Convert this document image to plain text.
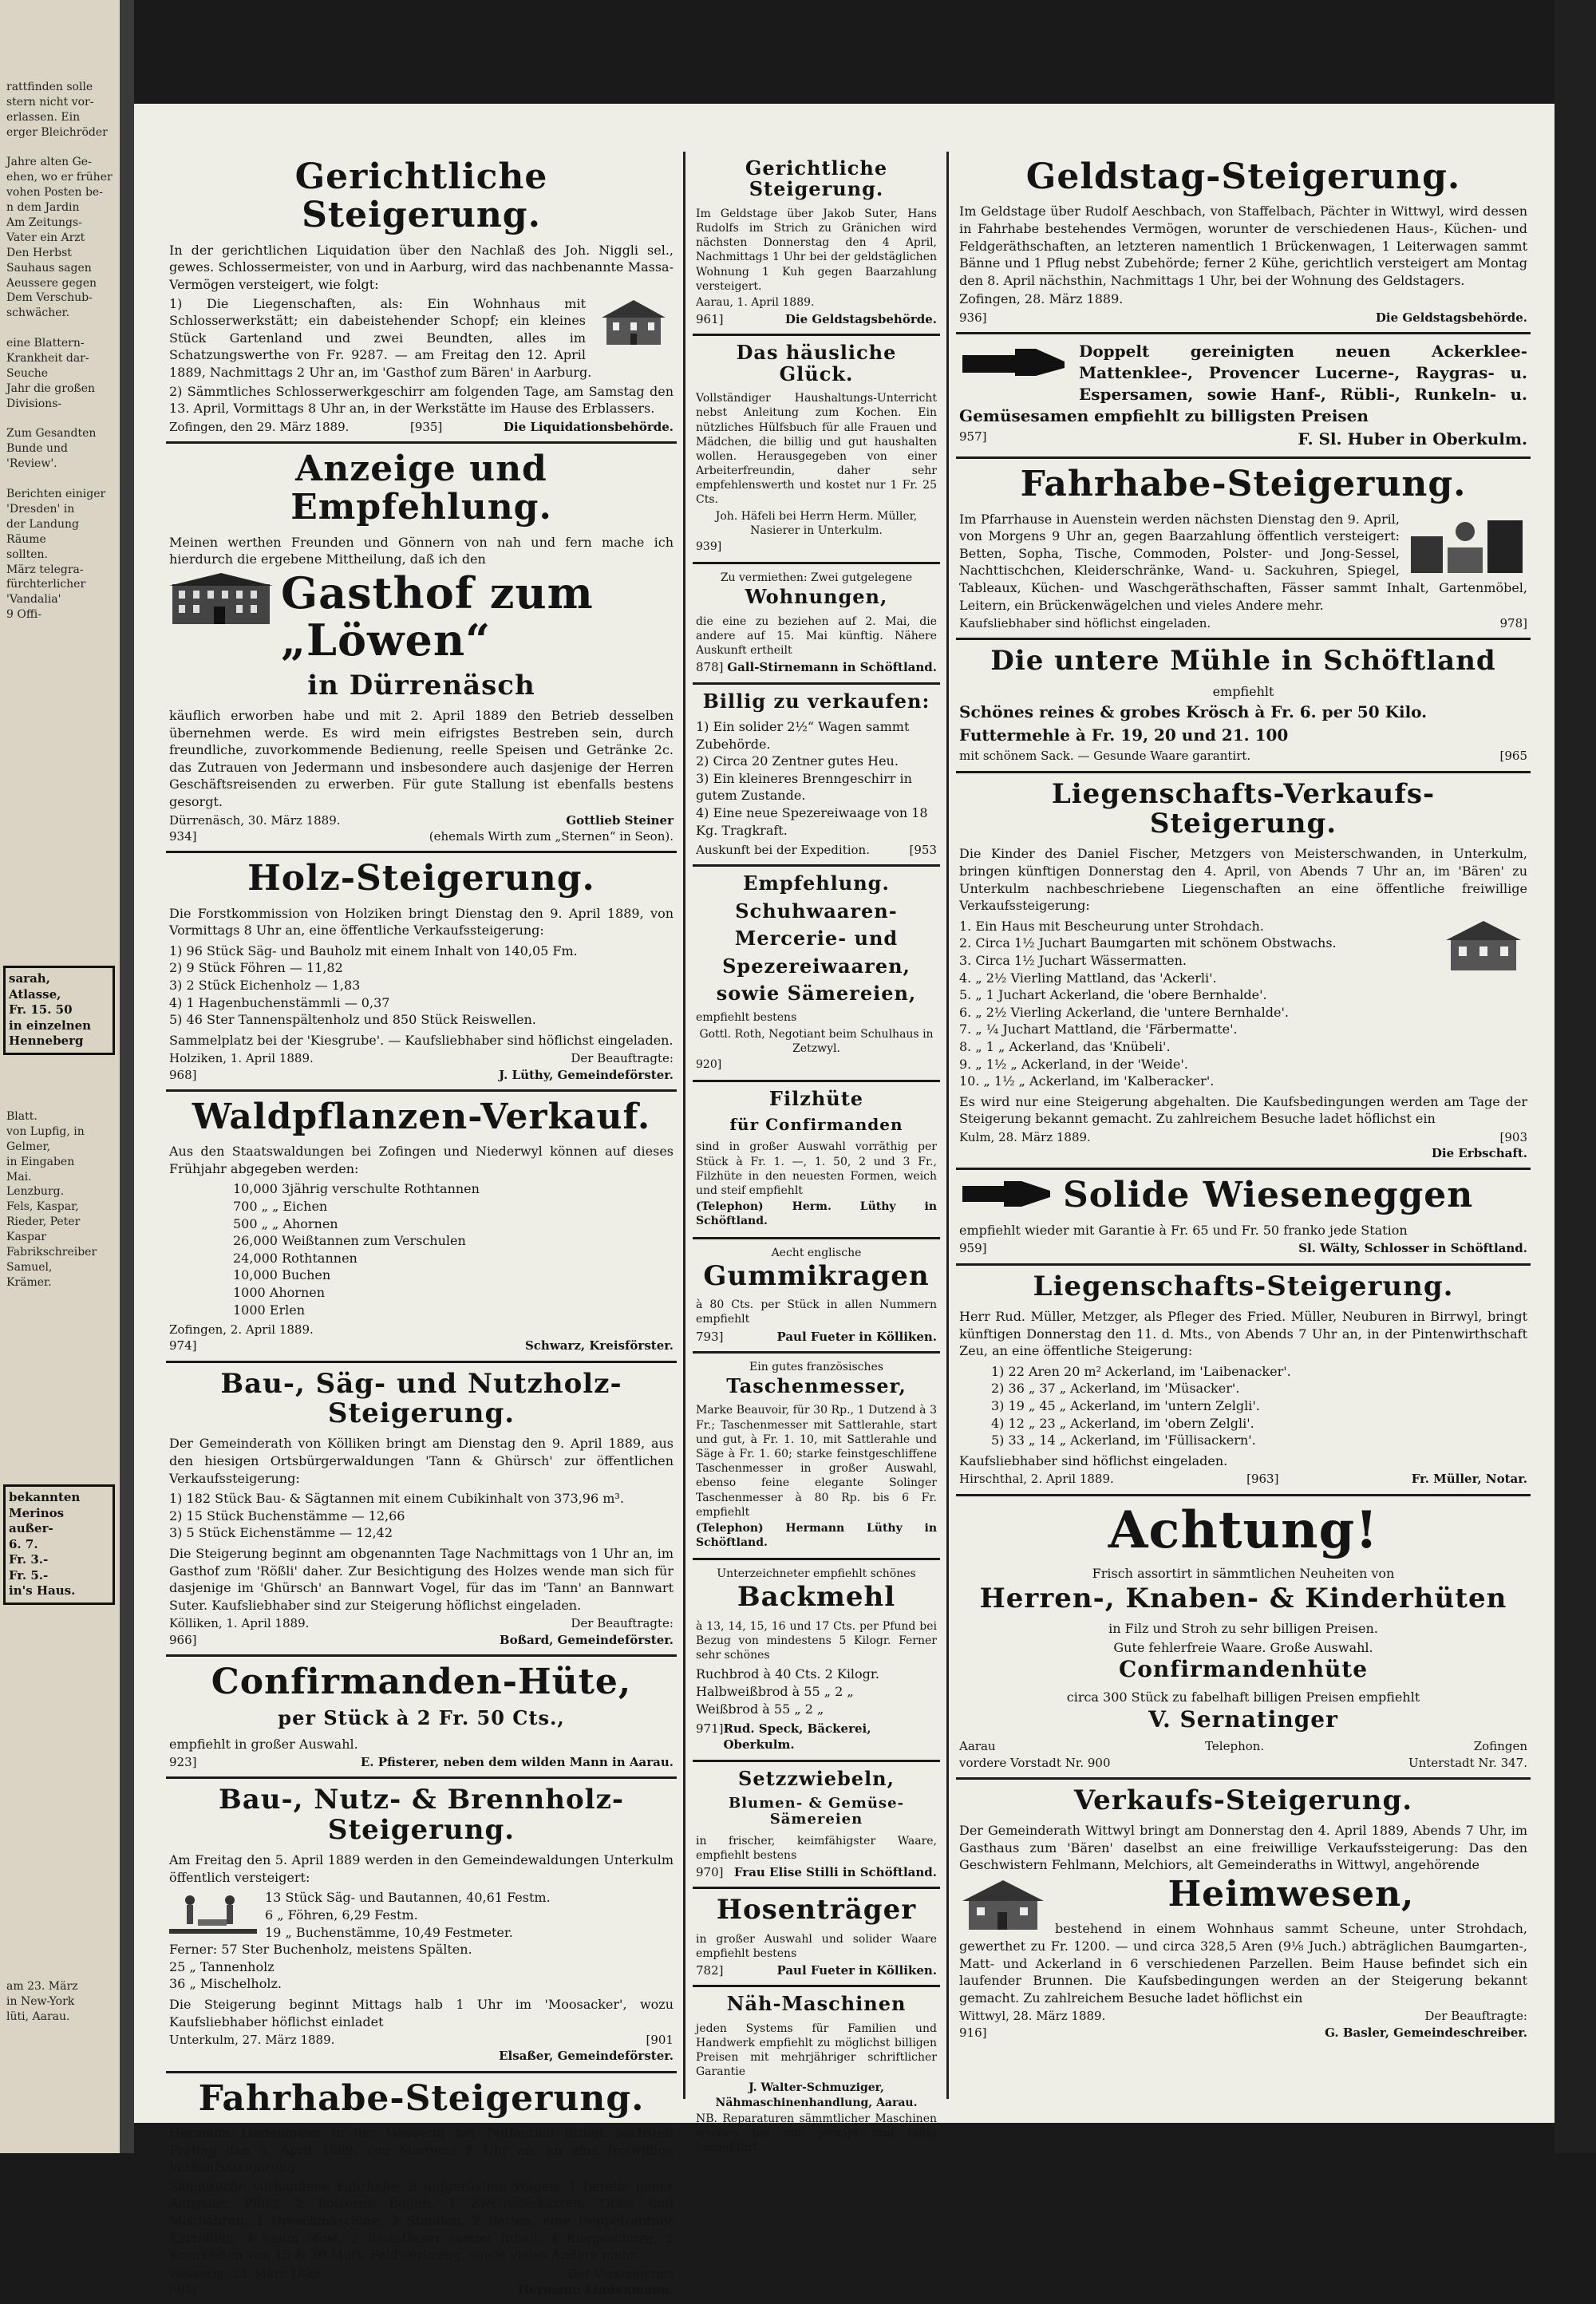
rattfinden solle
stern nicht vor-
erlassen. Ein
erger Bleichröder

Jahre alten Ge-
ehen, wo er früher
vohen Posten be-
n dem Jardin
Am Zeitungs-
Vater ein Arzt
Den Herbst
Sauhaus sagen
Aeussere gegen
Dem Verschub-
schwächer.

eine Blattern-
Krankheit dar-
Seuche
Jahr die großen
Divisions-

Zum Gesandten
Bunde und
'Review'.

Berichten einiger
'Dresden' in
der Landung
Räume
sollten.
März telegra-
fürchterlicher
'Vandalia'
9 Offi-
sarah,
Atlasse,
Fr. 15. 50
in einzelnen
Henneberg
Blatt.
von Lupfig, in
Gelmer,
in Eingaben
Mai.
Lenzburg.
Fels, Kaspar,
Rieder, Peter
Kaspar
Fabrikschreiber
Samuel,
Krämer.
bekannten
Merinos
außer-
6. 7.
Fr. 3.-
Fr. 5.-
in's Haus.
am 23. März
in New-York
lüti, Aarau.
Gerichtliche Steigerung.
In der gerichtlichen Liquidation über den Nachlaß des Joh. Niggli sel., gewes. Schlossermeister, von und in Aarburg, wird das nachbenannte Massa-Vermögen versteigert, wie folgt:
1) Die Liegenschaften, als: Ein Wohnhaus mit Schlosserwerkstätt; ein dabeistehender Schopf; ein kleines Stück Gartenland und zwei Beundten, alles im Schatzungswerthe von Fr. 9287. — am Freitag den 12. April 1889, Nachmittags 2 Uhr an, im 'Gasthof zum Bären' in Aarburg.
2) Sämmtliches Schlosserwerkgeschirr am folgenden Tage, am Samstag den 13. April, Vormittags 8 Uhr an, in der Werkstätte im Hause des Erblassers.
Zofingen, den 29. März 1889.	[935]	Die Liquidationsbehörde.
Anzeige und Empfehlung.
Meinen werthen Freunden und Gönnern von nah und fern mache ich hierdurch die ergebene Mittheilung, daß ich den
Gasthof zum „Löwen“
in Dürrenäsch
käuflich erworben habe und mit 2. April 1889 den Betrieb desselben übernehmen werde. Es wird mein eifrigstes Bestreben sein, durch freundliche, zuvorkommende Bedienung, reelle Speisen und Getränke 2c. das Zutrauen von Jedermann und insbesondere auch dasjenige der Herren Geschäftsreisenden zu erwerben. Für gute Stallung ist ebenfalls bestens gesorgt.
Dürrenäsch, 30. März 1889.	Gottlieb Steiner
934]	(ehemals Wirth zum „Sternen“ in Seon).
Holz-Steigerung.
Die Forstkommission von Holziken bringt Dienstag den 9. April 1889, von Vormittags 8 Uhr an, eine öffentliche Verkaufssteigerung:
1) 96 Stück Säg- und Bauholz mit einem Inhalt von 140,05 Fm.
2) 9 Stück Föhren — 11,82
3) 2 Stück Eichenholz — 1,83
4) 1 Hagenbuchenstämmli — 0,37
5) 46 Ster Tannenspältenholz und 850 Stück Reiswellen.
Sammelplatz bei der 'Kiesgrube'. — Kaufsliebhaber sind höflichst eingeladen.
Holziken, 1. April 1889.	Der Beauftragte:
968]	J. Lüthy, Gemeindeförster.
Waldpflanzen-Verkauf.
Aus den Staatswaldungen bei Zofingen und Niederwyl können auf dieses Frühjahr abgegeben werden:
10,000 3jährig verschulte Rothtannen
700 „ „ Eichen
500 „ „ Ahornen
26,000 Weißtannen zum Verschulen
24,000 Rothtannen
10,000 Buchen
1000 Ahornen
1000 Erlen
Zofingen, 2. April 1889.
974]	Schwarz, Kreisförster.
Bau-, Säg- und Nutzholz-Steigerung.
Der Gemeinderath von Kölliken bringt am Dienstag den 9. April 1889, aus den hiesigen Ortsbürgerwaldungen 'Tann & Ghürsch' zur öffentlichen Verkaufssteigerung:
1) 182 Stück Bau- & Sägtannen mit einem Cubikinhalt von 373,96 m³.
2) 15 Stück Buchenstämme — 12,66
3) 5 Stück Eichenstämme — 12,42
Die Steigerung beginnt am obgenannten Tage Nachmittags von 1 Uhr an, im Gasthof zum 'Rößli' daher. Zur Besichtigung des Holzes wende man sich für dasjenige im 'Ghürsch' an Bannwart Vogel, für das im 'Tann' an Bannwart Suter. Kaufsliebhaber sind zur Steigerung höflichst eingeladen.
Kölliken, 1. April 1889.	Der Beauftragte:
966]	Boßard, Gemeindeförster.
Confirmanden-Hüte,
per Stück à 2 Fr. 50 Cts.,
empfiehlt in großer Auswahl.
923]	E. Pfisterer, neben dem wilden Mann in Aarau.
Bau-, Nutz- & Brennholz-Steigerung.
Am Freitag den 5. April 1889 werden in den Gemeindewaldungen Unterkulm öffentlich versteigert:
13 Stück Säg- und Bautannen, 40,61 Festm.
6 „ Föhren, 6,29 Festm.
19 „ Buchenstämme, 10,49 Festmeter.
Ferner: 57 Ster Buchenholz, meistens Spälten.
25 „ Tannenholz
36 „ Mischelholz.
Die Steigerung beginnt Mittags halb 1 Uhr im 'Moosacker', wozu Kaufsliebhaber höflichst einladet
Unterkulm, 27. März 1889.	[901
Elsaßer, Gemeindeförster.
Fahrhabe-Steigerung.
Hermann Lindenmann in der Wässerig bei Teufenthal bringt nächsten Freitag den 5. April 1889, von Morgens 8 Uhr an, an eine freiwillige Verkaufssteigerung:
Sämmtliche vorhandene Fahrhabe, 3 aufgerüstete Wägen, 1 bereits neuer Aargauer Pflug, 2 hölzerne Eggen, 1 Zweiräderkarren, Gras- und Mistbähren, 1 Dreschmaschine, 2 Standen, 2 Betten, eine Doppelzentner Kartoffeln, 4 Saum Most, 2 Beizefässer sammt Inhalt, 4 Kuggeschirre, 2 Kornkästen von 15 & 20 Mütt, Feldwerkzeug, sowie vieles Andere mehr.
Wässerig, 28. März 1889.	Der Versteigerer:
904]	Hermann Lindenmann.
Gerichtliche Steigerung.
Im Geldstage über Jakob Suter, Hans Rudolfs im Strich zu Gränichen wird nächsten Donnerstag den 4 April, Nachmittags 1 Uhr bei der geldstäglichen Wohnung 1 Kuh gegen Baarzahlung versteigert.
Aarau, 1. April 1889.
961]	Die Geldstagsbehörde.
Das häusliche Glück.
Vollständiger Haushaltungs-Unterricht nebst Anleitung zum Kochen. Ein nützliches Hülfsbuch für alle Frauen und Mädchen, die billig und gut haushalten wollen. Herausgegeben von einer Arbeiterfreundin, daher sehr empfehlenswerth und kostet nur 1 Fr. 25 Cts.
Joh. Häfeli bei Herrn Herm. Müller, Nasierer in Unterkulm.
939]
Zu vermiethen: Zwei gutgelegene
Wohnungen,
die eine zu beziehen auf 2. Mai, die andere auf 15. Mai künftig. Nähere Auskunft ertheilt
878] Gall-Stirnemann in Schöftland.
Billig zu verkaufen:
1) Ein solider 2½“ Wagen sammt Zubehörde.
2) Circa 20 Zentner gutes Heu.
3) Ein kleineres Brenngeschirr in gutem Zustande.
4) Eine neue Spezereiwaage von 18 Kg. Tragkraft.
Auskunft bei der Expedition.	[953
Empfehlung.
Schuhwaaren-
Mercerie- und
Spezereiwaaren,
sowie Sämereien,
empfiehlt bestens
Gottl. Roth, Negotiant beim Schulhaus in Zetzwyl.
920]
Filzhüte
für Confirmanden
sind in großer Auswahl vorräthig per Stück à Fr. 1. —, 1. 50, 2 und 3 Fr., Filzhüte in den neuesten Formen, weich und steif empfiehlt
(Telephon) Herm. Lüthy in Schöftland.
Aecht englische
Gummikragen
à 80 Cts. per Stück in allen Nummern empfiehlt
793]	Paul Fueter in Kölliken.
Ein gutes französisches
Taschenmesser,
Marke Beauvoir, für 30 Rp., 1 Dutzend à 3 Fr.; Taschenmesser mit Sattlerahle, start und gut, à Fr. 1. 10, mit Sattlerahle und Säge à Fr. 1. 60; starke feinstgeschliffene Taschenmesser in großer Auswahl, ebenso feine elegante Solinger Taschenmesser à 80 Rp. bis 6 Fr. empfiehlt
(Telephon) Hermann Lüthy in Schöftland.
Unterzeichneter empfiehlt schönes
Backmehl
à 13, 14, 15, 16 und 17 Cts. per Pfund bei Bezug von mindestens 5 Kilogr. Ferner sehr schönes
Ruchbrod à 40 Cts. 2 Kilogr.
Halbweißbrod à 55 „ 2 „
Weißbrod à 55 „ 2 „
971] Rud. Speck, Bäckerei, Oberkulm.
Setzzwiebeln,
Blumen- & Gemüse-Sämereien
in frischer, keimfähigster Waare, empfiehlt bestens
970] Frau Elise Stilli in Schöftland.
Hosenträger
in großer Auswahl und solider Waare empfiehlt bestens
782]	Paul Fueter in Kölliken.
Näh-Maschinen
jeden Systems für Familien und Handwerk empfiehlt zu möglichst billigen Preisen mit mehrjähriger schriftlicher Garantie
J. Walter-Schmuziger, Nähmaschinenhandlung, Aarau.
NB. Reparaturen sämmtlicher Maschinen werden bei mir prompt und billig ausgeführt.
Geldstag-Steigerung.
Im Geldstage über Rudolf Aeschbach, von Staffelbach, Pächter in Wittwyl, wird dessen in Fahrhabe bestehendes Vermögen, worunter de verschiedenen Haus-, Küchen- und Feldgeräthschaften, an letzteren namentlich 1 Brückenwagen, 1 Leiterwagen sammt Bänne und 1 Pflug nebst Zubehörde; ferner 2 Kühe, gerichtlich versteigert am Montag den 8. April nächsthin, Nachmittags 1 Uhr, bei der Wohnung des Geldstagers.
Zofingen, 28. März 1889.
936]	Die Geldstagsbehörde.
Doppelt gereinigten neuen Ackerklee-Mattenklee-, Provencer Lucerne-, Raygras- u. Espersamen, sowie Hanf-, Rübli-, Runkeln- u. Gemüsesamen empfiehlt zu billigsten Preisen
957]	F. Sl. Huber in Oberkulm.
Fahrhabe-Steigerung.
Im Pfarrhause in Auenstein werden nächsten Dienstag den 9. April, von Morgens 9 Uhr an, gegen Baarzahlung öffentlich versteigert: Betten, Sopha, Tische, Commoden, Polster- und Jong-Sessel, Nachttischchen, Kleiderschränke, Wand- u. Sackuhren, Spiegel, Tableaux, Küchen- und Waschgeräthschaften, Fässer sammt Inhalt, Gartenmöbel, Leitern, ein Brückenwägelchen und vieles Andere mehr.
Kaufsliebhaber sind höflichst eingeladen.	978]
Die untere Mühle in Schöftland
empfiehlt
Schönes reines & grobes Krösch à Fr. 6. per 50 Kilo.
Futtermehle à Fr. 19, 20 und 21. 100
mit schönem Sack. — Gesunde Waare garantirt.	[965
Liegenschafts-Verkaufs-Steigerung.
Die Kinder des Daniel Fischer, Metzgers von Meisterschwanden, in Unterkulm, bringen künftigen Donnerstag den 4. April, von Abends 7 Uhr an, im 'Bären' zu Unterkulm nachbeschriebene Liegenschaften an eine öffentliche freiwillige Verkaufssteigerung:
1. Ein Haus mit Bescheurung unter Strohdach.
2. Circa 1½ Juchart Baumgarten mit schönem Obstwachs.
3. Circa 1½ Juchart Wässermatten.
4. „ 2½ Vierling Mattland, das 'Ackerli'.
5. „ 1 Juchart Ackerland, die 'obere Bernhalde'.
6. „ 2½ Vierling Ackerland, die 'untere Bernhalde'.
7. „ ¼ Juchart Mattland, die 'Färbermatte'.
8. „ 1 „ Ackerland, das 'Knübeli'.
9. „ 1½ „ Ackerland, in der 'Weide'.
10. „ 1½ „ Ackerland, im 'Kalberacker'.
Es wird nur eine Steigerung abgehalten. Die Kaufsbedingungen werden am Tage der Steigerung bekannt gemacht. Zu zahlreichem Besuche ladet höflichst ein
Kulm, 28. März 1889.	[903
Die Erbschaft.
Solide Wieseneggen
empfiehlt wieder mit Garantie à Fr. 65 und Fr. 50 franko jede Station
959]	Sl. Wälty, Schlosser in Schöftland.
Liegenschafts-Steigerung.
Herr Rud. Müller, Metzger, als Pfleger des Fried. Müller, Neuburen in Birrwyl, bringt künftigen Donnerstag den 11. d. Mts., von Abends 7 Uhr an, in der Pintenwirthschaft Zeu, an eine öffentliche Steigerung:
1) 22 Aren 20 m² Ackerland, im 'Laibenacker'.
2) 36 „ 37 „ Ackerland, im 'Müsacker'.
3) 19 „ 45 „ Ackerland, im 'untern Zelgli'.
4) 12 „ 23 „ Ackerland, im 'obern Zelgli'.
5) 33 „ 14 „ Ackerland, im 'Füllisackern'.
Kaufsliebhaber sind höflichst eingeladen.
Hirschthal, 2. April 1889.	[963]	Fr. Müller, Notar.
Achtung!
Frisch assortirt in sämmtlichen Neuheiten von
Herren-, Knaben- & Kinderhüten
in Filz und Stroh zu sehr billigen Preisen.
Gute fehlerfreie Waare. Große Auswahl.
Confirmandenhüte
circa 300 Stück zu fabelhaft billigen Preisen empfiehlt
V. Sernatinger
Aarau	Telephon.	Zofingen
vordere Vorstadt Nr. 900	Unterstadt Nr. 347.
Verkaufs-Steigerung.
Der Gemeinderath Wittwyl bringt am Donnerstag den 4. April 1889, Abends 7 Uhr, im Gasthaus zum 'Bären' daselbst an eine freiwillige Verkaufssteigerung: Das den Geschwistern Fehlmann, Melchiors, alt Gemeinderaths in Wittwyl, angehörende
Heimwesen,
bestehend in einem Wohnhaus sammt Scheune, unter Strohdach, gewerthet zu Fr. 1200. — und circa 328,5 Aren (9⅛ Juch.) abträglichen Baumgarten-, Matt- und Ackerland in 6 verschiedenen Parzellen. Beim Hause befindet sich ein laufender Brunnen. Die Kaufsbedingungen werden an der Steigerung bekannt gemacht. Zu zahlreichem Besuche ladet höflichst ein
Wittwyl, 28. März 1889.	Der Beauftragte:
916]	G. Basler, Gemeindeschreiber.
